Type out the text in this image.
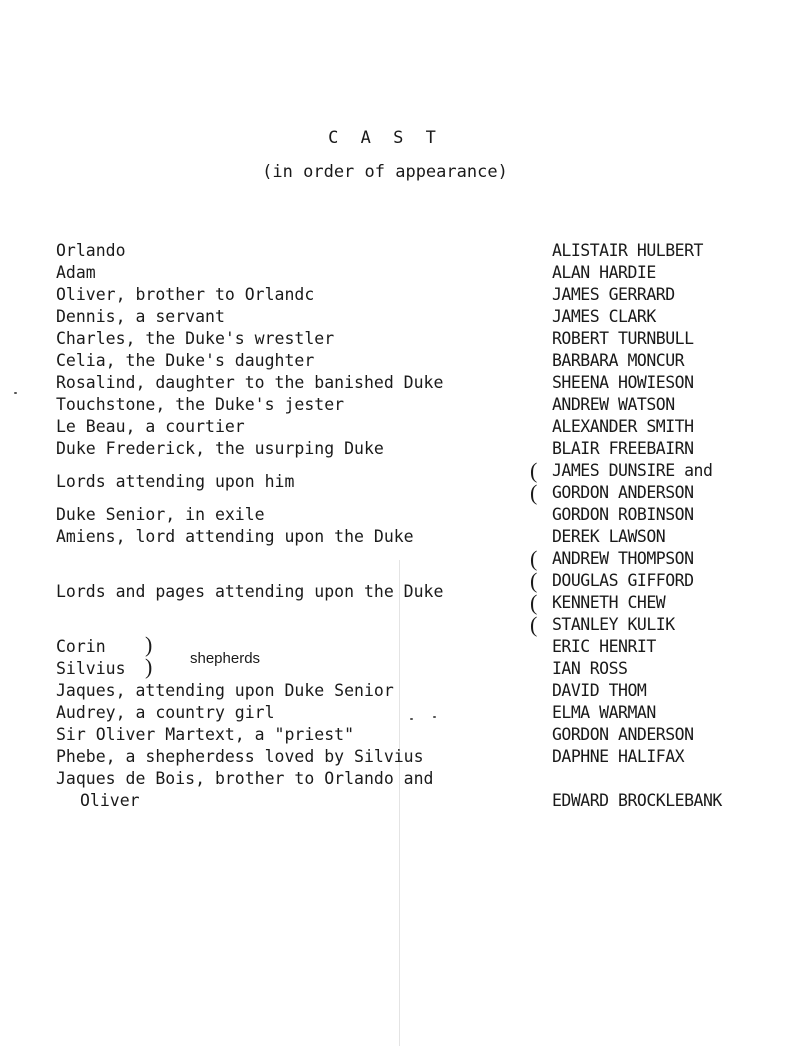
C A S T
(in order of appearance)
Orlando
Adam
Oliver, brother to Orlandc
Dennis, a servant
Charles, the Duke's wrestler
Celia, the Duke's daughter
Rosalind, daughter to the banished Duke
Touchstone, the Duke's jester
Le Beau, a courtier
Duke Frederick, the usurping Duke
Lords attending upon him
Duke Senior, in exile
Amiens, lord attending upon the Duke
Lords and pages attending upon the Duke
Corin
Silvius
)
)	shepherds
Jaques, attending upon Duke Senior
Audrey, a country girl
Sir Oliver Martext, a "priest"
Phebe, a shepherdess loved by Silvius
Jaques de Bois, brother to Orlando and
Oliver
ALISTAIR HULBERT
ALAN HARDIE
JAMES GERRARD
JAMES CLARK
ROBERT TURNBULL
BARBARA MONCUR
SHEENA HOWIESON
ANDREW WATSON
ALEXANDER SMITH
BLAIR FREEBAIRN
( JAMES DUNSIRE and
( GORDON ANDERSON
GORDON ROBINSON
DEREK LAWSON
( ANDREW THOMPSON
( DOUGLAS GIFFORD
( KENNETH CHEW
( STANLEY KULIK
ERIC HENRIT
IAN ROSS
DAVID THOM
ELMA WARMAN
GORDON ANDERSON
DAPHNE HALIFAX
EDWARD BROCKLEBANK
